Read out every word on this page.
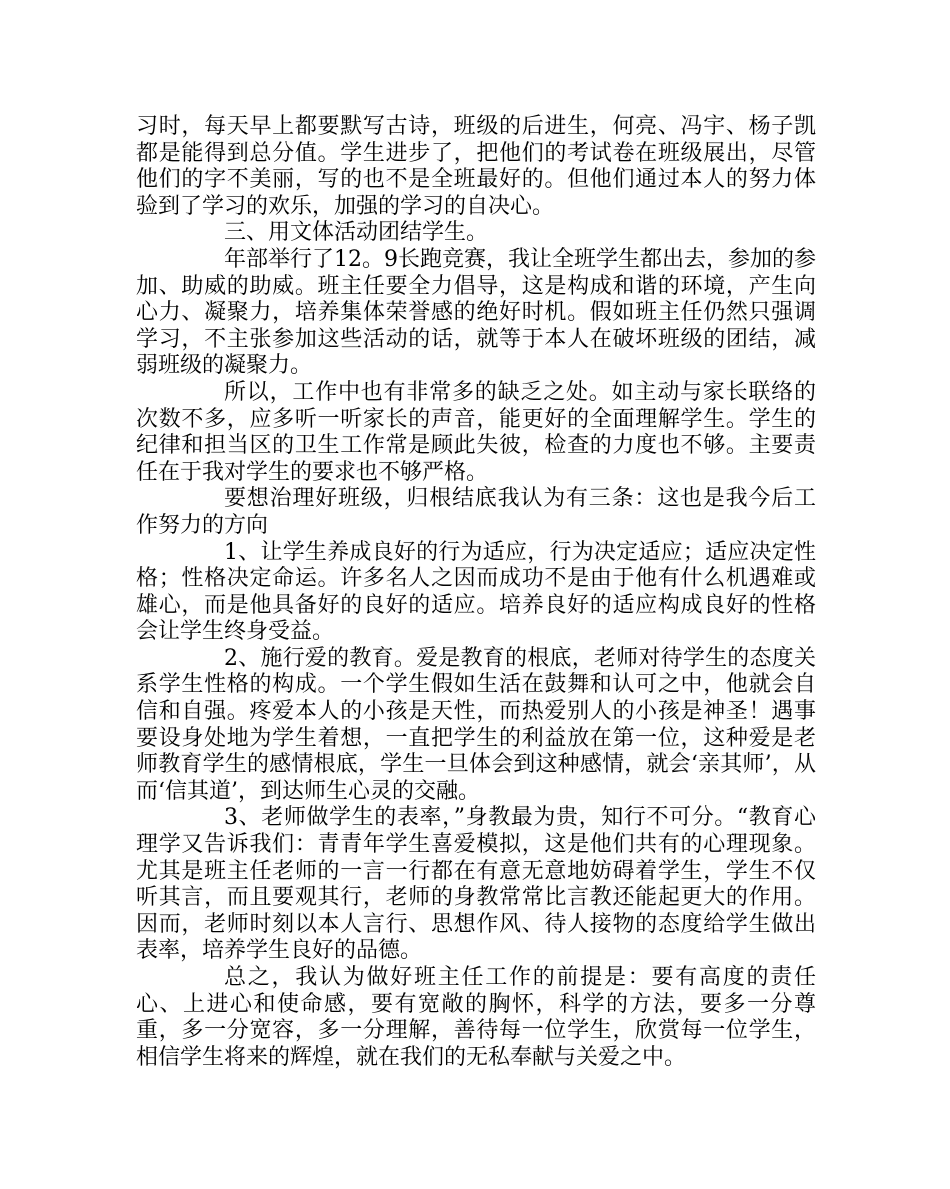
习时，每天早上都要默写古诗，班级的后进生，何亮、冯宇、杨子凯都是能得到总分值。学生进步了，把他们的考试卷在班级展出，尽管他们的字不美丽，写的也不是全班最好的。但他们通过本人的努力体验到了学习的欢乐，加强的学习的自决心。

三、用文体活动团结学生。

年部举行了12。9长跑竞赛，我让全班学生都出去，参加的参加、助威的助威。班主任要全力倡导，这是构成和谐的环境，产生向心力、凝聚力，培养集体荣誉感的绝好时机。假如班主任仍然只强调学习，不主张参加这些活动的话，就等于本人在破坏班级的团结，减弱班级的凝聚力。

所以，工作中也有非常多的缺乏之处。如主动与家长联络的次数不多，应多听一听家长的声音，能更好的全面理解学生。学生的纪律和担当区的卫生工作常是顾此失彼，检查的力度也不够。主要责任在于我对学生的要求也不够严格。

要想治理好班级，归根结底我认为有三条：这也是我今后工作努力的方向

1、让学生养成良好的行为适应，行为决定适应；适应决定性格；性格决定命运。许多名人之因而成功不是由于他有什么机遇难或雄心，而是他具备好的良好的适应。培养良好的适应构成良好的性格会让学生终身受益。

2、施行爱的教育。爱是教育的根底，老师对待学生的态度关系学生性格的构成。一个学生假如生活在鼓舞和认可之中，他就会自信和自强。疼爱本人的小孩是天性，而热爱别人的小孩是神圣！遇事要设身处地为学生着想，一直把学生的利益放在第一位，这种爱是老师教育学生的感情根底，学生一旦体会到这种感情，就会‘亲其师’，从而‘信其道’，到达师生心灵的交融。

3、老师做学生的表率，”身教最为贵，知行不可分。“教育心理学又告诉我们：青青年学生喜爱模拟，这是他们共有的心理现象。尤其是班主任老师的一言一行都在有意无意地妨碍着学生，学生不仅听其言，而且要观其行，老师的身教常常比言教还能起更大的作用。因而，老师时刻以本人言行、思想作风、待人接物的态度给学生做出表率，培养学生良好的品德。

总之，我认为做好班主任工作的前提是：要有高度的责任心、上进心和使命感，要有宽敞的胸怀，科学的方法，要多一分尊重，多一分宽容，多一分理解，善待每一位学生，欣赏每一位学生，相信学生将来的辉煌，就在我们的无私奉献与关爱之中。
